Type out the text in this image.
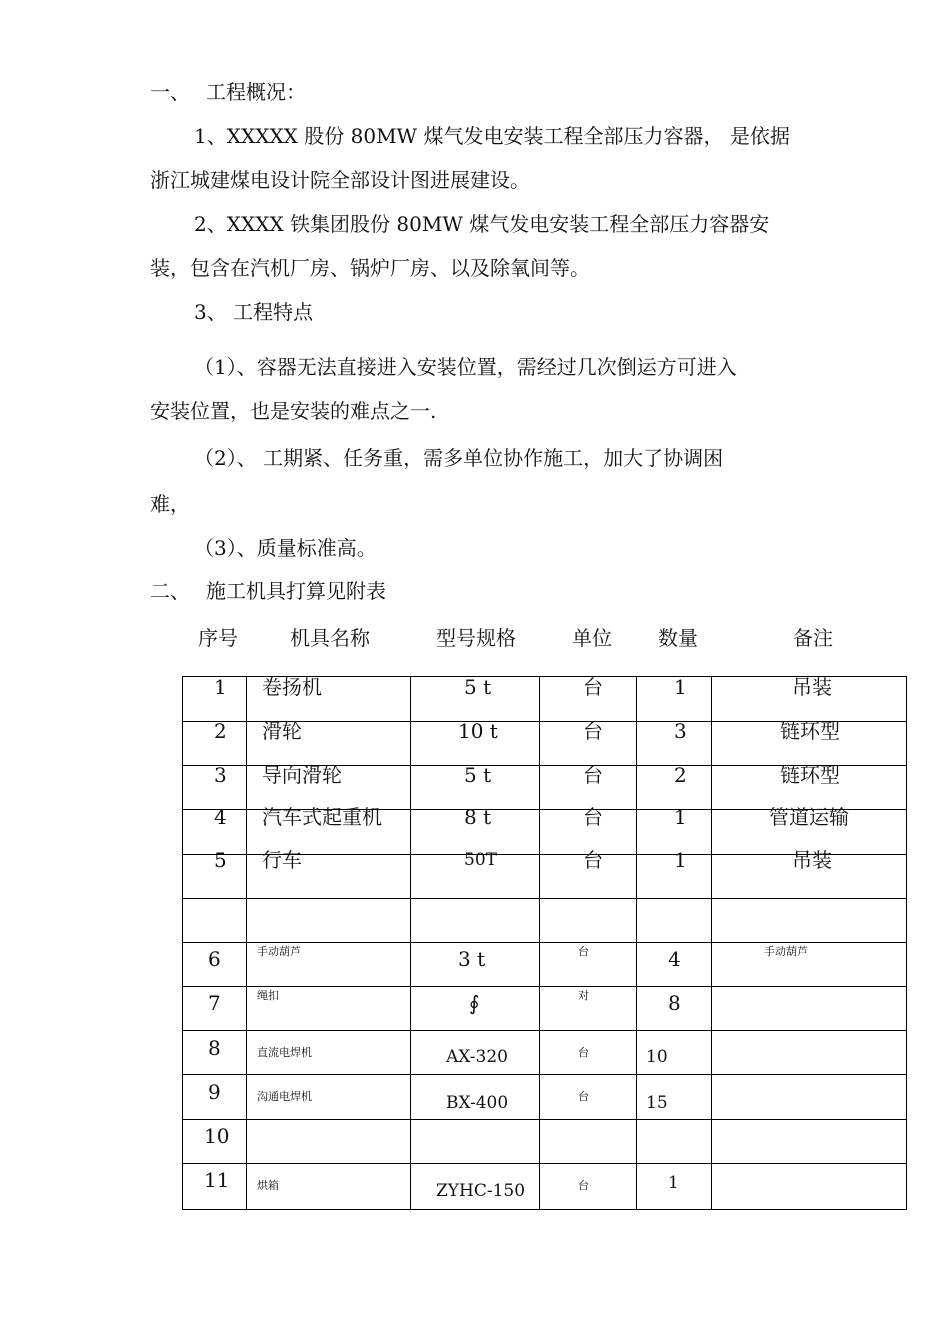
一、 工程概况：
1、XXXXX 股份 80MW 煤气发电安装工程全部压力容器， 是依据
浙江城建煤电设计院全部设计图进展建设。
2、XXXX 铁集团股份 80MW 煤气发电安装工程全部压力容器安
装，包含在汽机厂房、锅炉厂房、以及除氧间等。
3、 工程特点
（1）、容器无法直接进入安装位置，需经过几次倒运方可进入
安装位置，也是安装的难点之一.
（2）、 工期紧、任务重，需多单位协作施工，加大了协调困
难，
（3）、质量标准高。
二、 施工机具打算见附表
序号	机具名称	型号规格	单位 数量	备注
1 卷扬机	5 t	台	1	吊装
2 滑轮	10 t	台	3	链环型
3 导向滑轮	5 t	台	2	链环型
4 汽车式起重机	8 t	台	1	管道运输
5 行车	50T	台	1	吊装
6	手动葫芦	3 t	台	4	手动葫芦
7	绳扣	∮	对	8
8	直流电焊机	AX-320	台	10
9	沟通电焊机	BX-400	台	15
10
11	烘箱	ZYHC-150	台	1
